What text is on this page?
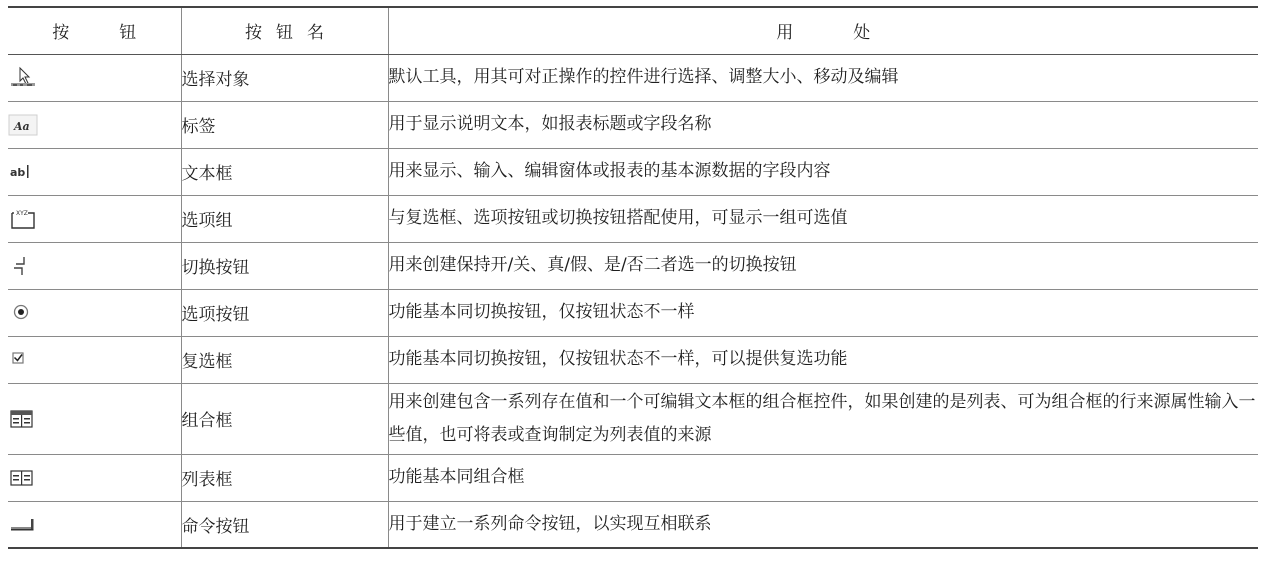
按钮	按钮名	用处

	选择对象	默认工具，用其可对正操作的控件进行选择、调整大小、移动及编辑

Aa	标签	用于显示说明文本，如报表标题或字段名称

ab	文本框	用来显示、输入、编辑窗体或报表的基本源数据的字段内容

XYZ	选项组	与复选框、选项按钮或切换按钮搭配使用，可显示一组可选值

	切换按钮	用来创建保持开/关、真/假、是/否二者选一的切换按钮

	选项按钮	功能基本同切换按钮，仅按钮状态不一样

	复选框	功能基本同切换按钮，仅按钮状态不一样，可以提供复选功能

	组合框	用来创建包含一系列存在值和一个可编辑文本框的组合框控件，如果创建的是列表、可为组合框的行来源属性输入一些值，也可将表或查询制定为列表值的来源

	列表框	功能基本同组合框

	命令按钮	用于建立一系列命令按钮，以实现互相联系
